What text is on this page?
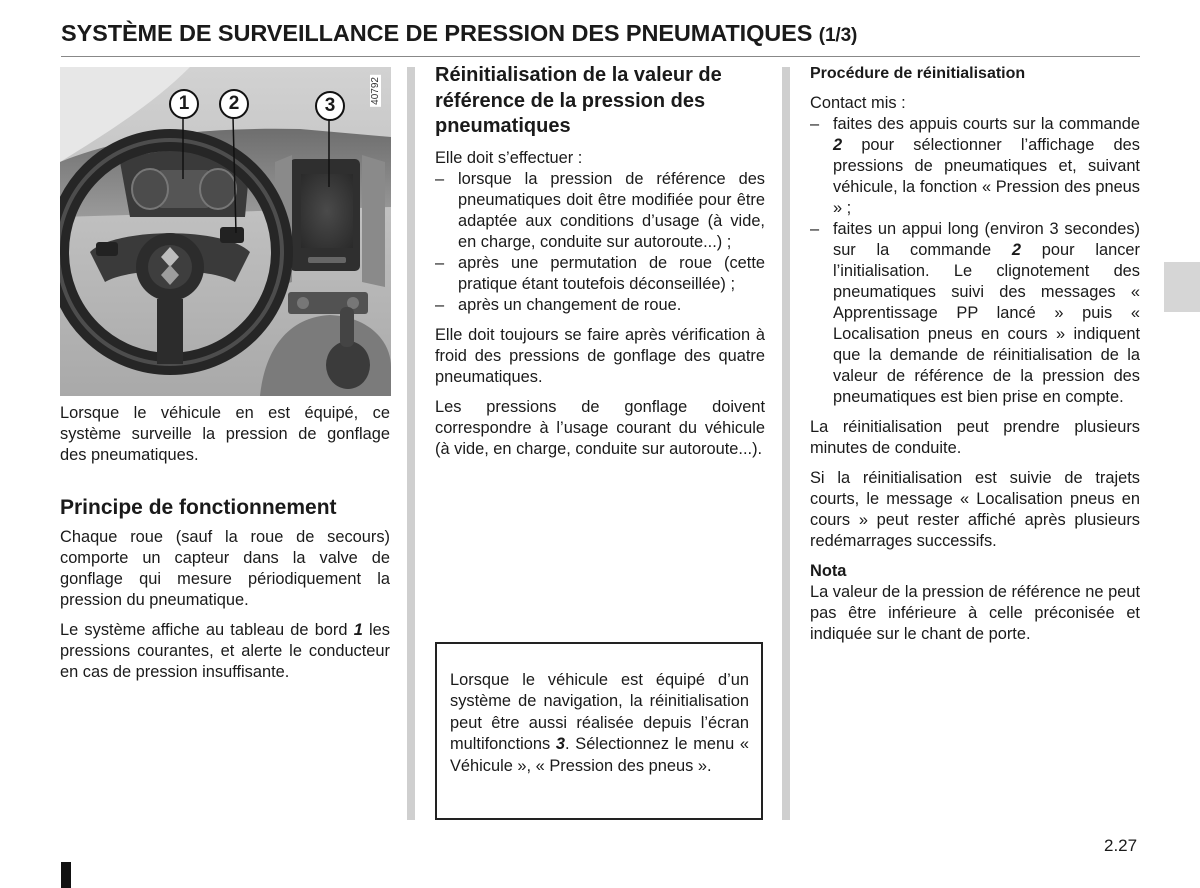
SYSTÈME DE SURVEILLANCE DE PRESSION DES PNEUMATIQUES (1/3)
1	2	3
40792

Lorsque le véhicule en est équipé, ce système surveille la pression de gonflage des pneumatiques.

Principe de fonctionnement

Chaque roue (sauf la roue de secours) comporte un capteur dans la valve de gonflage qui mesure périodiquement la pression du pneumatique.

Le système affiche au tableau de bord 1 les pressions courantes, et alerte le conducteur en cas de pression insuffisante.

Réinitialisation de la valeur de référence de la pression des pneumatiques

Elle doit s’effectuer :

– lorsque la pression de référence des pneumatiques doit être modifiée pour être adaptée aux conditions d’usage (à vide, en charge, conduite sur autoroute...) ;
– après une permutation de roue (cette pratique étant toutefois déconseillée) ;
– après un changement de roue.

Elle doit toujours se faire après vérification à froid des pressions de gonflage des quatre pneumatiques.

Les pressions de gonflage doivent correspondre à l’usage courant du véhicule (à vide, en charge, conduite sur autoroute...).

Lorsque le véhicule est équipé d’un système de navigation, la réinitialisation peut être aussi réalisée depuis l’écran multifonctions 3. Sélectionnez le menu « Véhicule », « Pression des pneus ».

Procédure de réinitialisation

Contact mis :

– faites des appuis courts sur la commande 2 pour sélectionner l’affichage des pressions de pneumatiques et, suivant véhicule, la fonction « Pression des pneus » ;
– faites un appui long (environ 3 secondes) sur la commande 2 pour lancer l’initialisation. Le clignotement des pneumatiques suivi des messages « Apprentissage PP lancé » puis « Localisation pneus en cours » indiquent que la demande de réinitialisation de la valeur de référence de la pression des pneumatiques est bien prise en compte.

La réinitialisation peut prendre plusieurs minutes de conduite.

Si la réinitialisation est suivie de trajets courts, le message « Localisation pneus en cours » peut rester affiché après plusieurs redémarrages successifs.

Nota

La valeur de la pression de référence ne peut pas être inférieure à celle préconisée et indiquée sur le chant de porte.

2.27
